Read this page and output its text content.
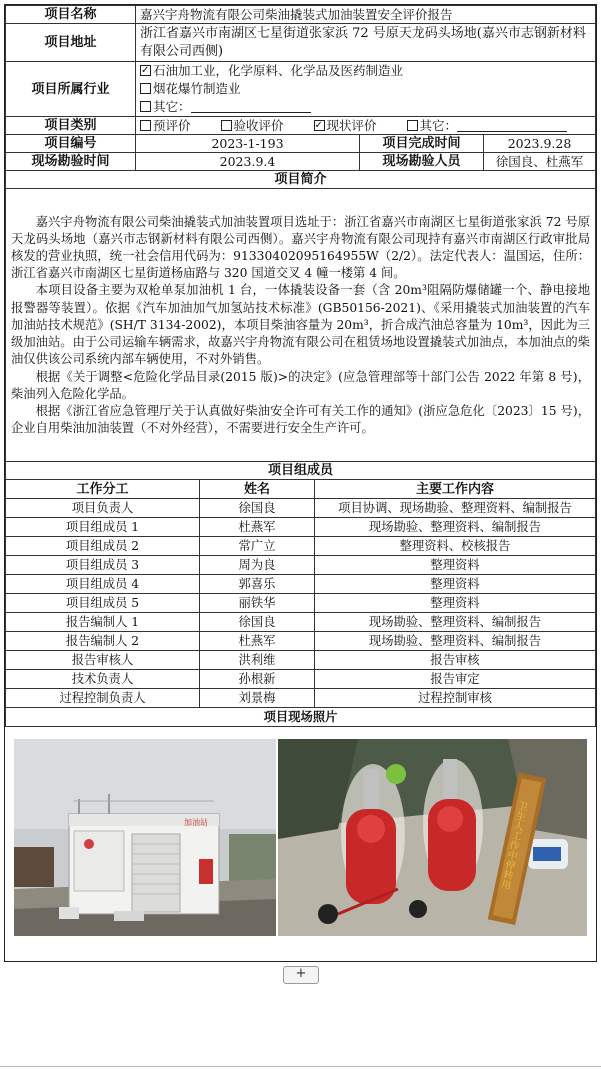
项目名称	嘉兴宇舟物流有限公司柴油撬装式加油装置安全评价报告		
项目地址	浙江省嘉兴市南湖区七星街道张家浜 72 号原天龙码头场地(嘉兴市志钢新材料有限公司西侧)		
项目所属行业	
✓石油加工业，化学原料、化学品及医药制造业
烟花爆竹制造业
其它：

项目类别	预评价 验收评价 ✓ 现状评价 其它：
项目编号	2023-1-193	项目完成时间	2023.9.28
现场勘验时间	2023.9.4	现场勘验人员	徐国良、杜燕军
项目简介			

嘉兴宇舟物流有限公司柴油撬装式加油装置项目选址于：浙江省嘉兴市南湖区七星街道张家浜 72 号原天龙码头场地（嘉兴市志钢新材料有限公司西侧）。嘉兴宇舟物流有限公司现持有嘉兴市南湖区行政审批局核发的营业执照，统一社会信用代码为：91330402095164955W（2/2）。法定代表人：温国运，住所：浙江省嘉兴市南湖区七星街道杨庙路与 320 国道交叉 4 幢一楼第 4 间。

本项目设备主要为双枪单泵加油机 1 台，一体撬装设备一套（含 20m³阻隔防爆储罐一个、静电接地报警器等装置）。依据《汽车加油加气加氢站技术标准》(GB50156-2021)、《采用撬装式加油装置的汽车加油站技术规范》(SH/T 3134-2002)，本项目柴油容量为 20m³，折合成汽油总容量为 10m³，因此为三级加油站。由于公司运输车辆需求，故嘉兴宇舟物流有限公司在租赁场地设置撬装式加油点，本加油点的柴油仅供该公司系统内部车辆使用，不对外销售。

根据《关于调整<危险化学品目录(2015 版)>的决定》(应急管理部等十部门公告 2022 年第 8 号)，柴油列入危险化学品。

根据《浙江省应急管理厅关于认真做好柴油安全许可有关工作的通知》(浙应急危化〔2023〕15 号)，企业自用柴油加油装置（不对外经营），不需要进行安全生产许可。			

项目组成员			
工作分工	姓名	主要工作内容
项目负责人	徐国良	项目协调、现场勘验、整理资料、编制报告
项目组成员 1	杜燕军	现场勘验、整理资料、编制报告
项目组成员 2	常广立	整理资料、校核报告
项目组成员 3	周为良	整理资料
项目组成员 4	郭喜乐	整理资料
项目组成员 5	丽铁华	整理资料
报告编制人 1	徐国良	现场勘验、整理资料、编制报告
报告编制人 2	杜燕军	现场勘验、整理资料、编制报告
报告审核人	洪利维	报告审核
技术负责人	孙根新	报告审定
过程控制负责人	刘景梅	过程控制审核
项目现场照片		
加油站	卫生人工作中停转用
+
